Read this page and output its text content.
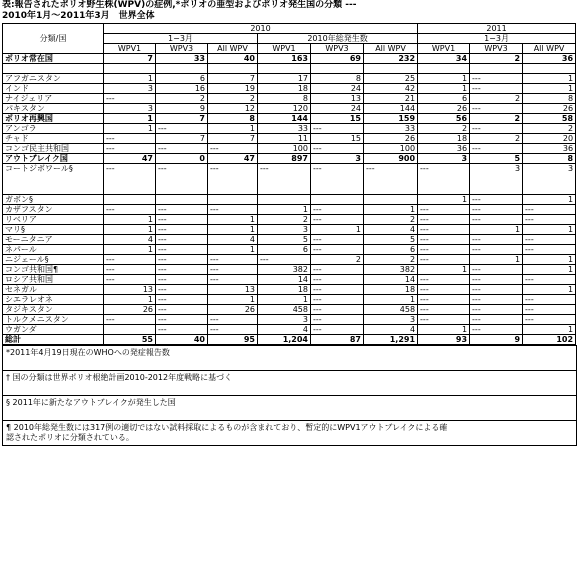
表:報告されたポリオ野生株(WPV)の症例,*ポリオの亜型およびポリオ発生国の分類 ---
2010年1月～2011年3月　世界全体
分類/国	2010						2011		
	1−3月			2010年総発生数			1−3月		
	WPV1	WPV3	All WPV	WPV1	WPV3	All WPV	WPV1	WPV3	All WPV
ポリオ常在国	7	33	40	163	69	232	34	2	36

アフガニスタン	1	6	7	17	8	25	1	---	1
インド	3	16	19	18	24	42	1	---	1
ナイジェリア	---	2	2	8	13	21	6	2	8
パキスタン	3	9	12	120	24	144	26	---	26
ポリオ再興国	1	7	8	144	15	159	56	2	58
アンゴラ	1	---	1	33	---	33	2	---	2
チャド	---	7	7	11	15	26	18	2	20
コンゴ民主共和国	---	---	---	100	---	100	36	---	36
アウトブレイク国	47	0	47	897	3	900	3	5	8
コートジボワール§	---	---	---	---	---	---	---	3	3
ガボン§							1	---	1
カザフスタン	---	---	---	1	---	1	---	---	---
リベリア	1	---	1	2	---	2	---	---	---
マリ§	1	---	1	3	1	4	---	1	1
モーニタニア	4	---	4	5	---	5	---	---	---
ネパール	1	---	1	6	---	6	---	---	---
ニジェール§	---	---	---	---	2	2	---	1	1
コンゴ共和国¶	---	---	---	382	---	382	1	---	1
ロシア共和国	---	---	---	14	---	14	---	---	---
セネガル	13	---	13	18	---	18	---	---	1
シエラレオネ	1	---	1	1	---	1	---	---	---
タジキスタン	26	---	26	458	---	458	---	---	---
トルクメニスタン	---	---	---	3	---	3	---	---	---
ウガンダ		---	---	4	---	4	1	---	1
総計	55	40	95	1,204	87	1,291	93	9	102
*2011年4月19日現在のWHOへの発症報告数
† 国の分類は世界ポリオ根絶計画2010-2012年度戦略に基づく
§ 2011年に新たなアウトブレイクが発生した国
¶ 2010年総発生数には317例の適切ではない試料採取によるものが含まれており、暫定的にWPV1アウトブレイクによる確
認されたポリオに分類されている。
